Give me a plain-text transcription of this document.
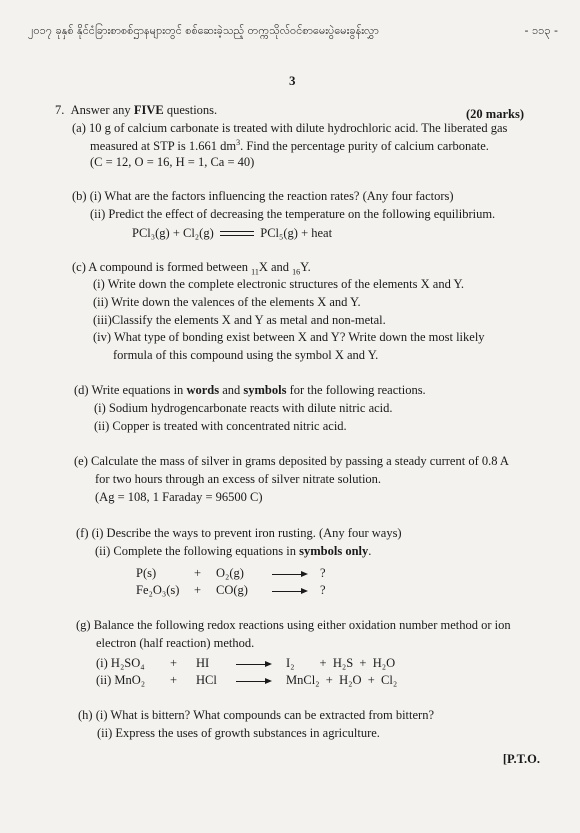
၂၀၁၇ ခုနှစ် နိုင်ငံခြားစာစစ်ဌာနများတွင် စစ်ဆေးခဲ့သည့် တက္ကသိုလ်ဝင်စာမေးပွဲမေးခွန်းလွှာ	- ၁၁၃ -
3
7. Answer any FIVE questions.	(20 marks)
(a) 10 g of calcium carbonate is treated with dilute hydrochloric acid. The liberated gas
measured at STP is 1.661 $dm^3$. Find the percentage purity of calcium carbonate.
(C = 12, O = 16, H = 1, Ca = 40)
(b) (i) What are the factors influencing the reaction rates? (Any four factors)
(ii) Predict the effect of decreasing the temperature on the following equilibrium.
PCl₃(g) + Cl₂(g)	PCl₅(g) + heat
(c) A compound is formed between $_{11}$X and $_{16}$Y.
(i) Write down the complete electronic structures of the elements X and Y.
(ii) Write down the valences of the elements X and Y.
(iii)Classify the elements X and Y as metal and non-metal.
(iv) What type of bonding exist between X and Y? Write down the most likely
formula of this compound using the symbol X and Y.
(d) Write equations in words and symbols for the following reactions.
(i) Sodium hydrogencarbonate reacts with dilute nitric acid.
(ii) Copper is treated with concentrated nitric acid.
(e) Calculate the mass of silver in grams deposited by passing a steady current of 0.8 A
for two hours through an excess of silver nitrate solution.
(Ag = 108, 1 Faraday = 96500 C)
(f) (i) Describe the ways to prevent iron rusting. (Any four ways)
(ii) Complete the following equations in symbols only.
P(s)	+ O₂(g)	?
Fe₂O₃(s) + CO(g)	?
(g) Balance the following redox reactions using either oxidation number method or ion
electron (half reaction) method.
(i) H₂SO₄ + HI	I₂        +  H₂S  +  H₂O
(ii) MnO₂ + HCl	MnCl₂  +  H₂O  +  Cl₂
(h) (i) What is bittern? What compounds can be extracted from bittern?
(ii) Express the uses of growth substances in agriculture.
[P.T.O.
